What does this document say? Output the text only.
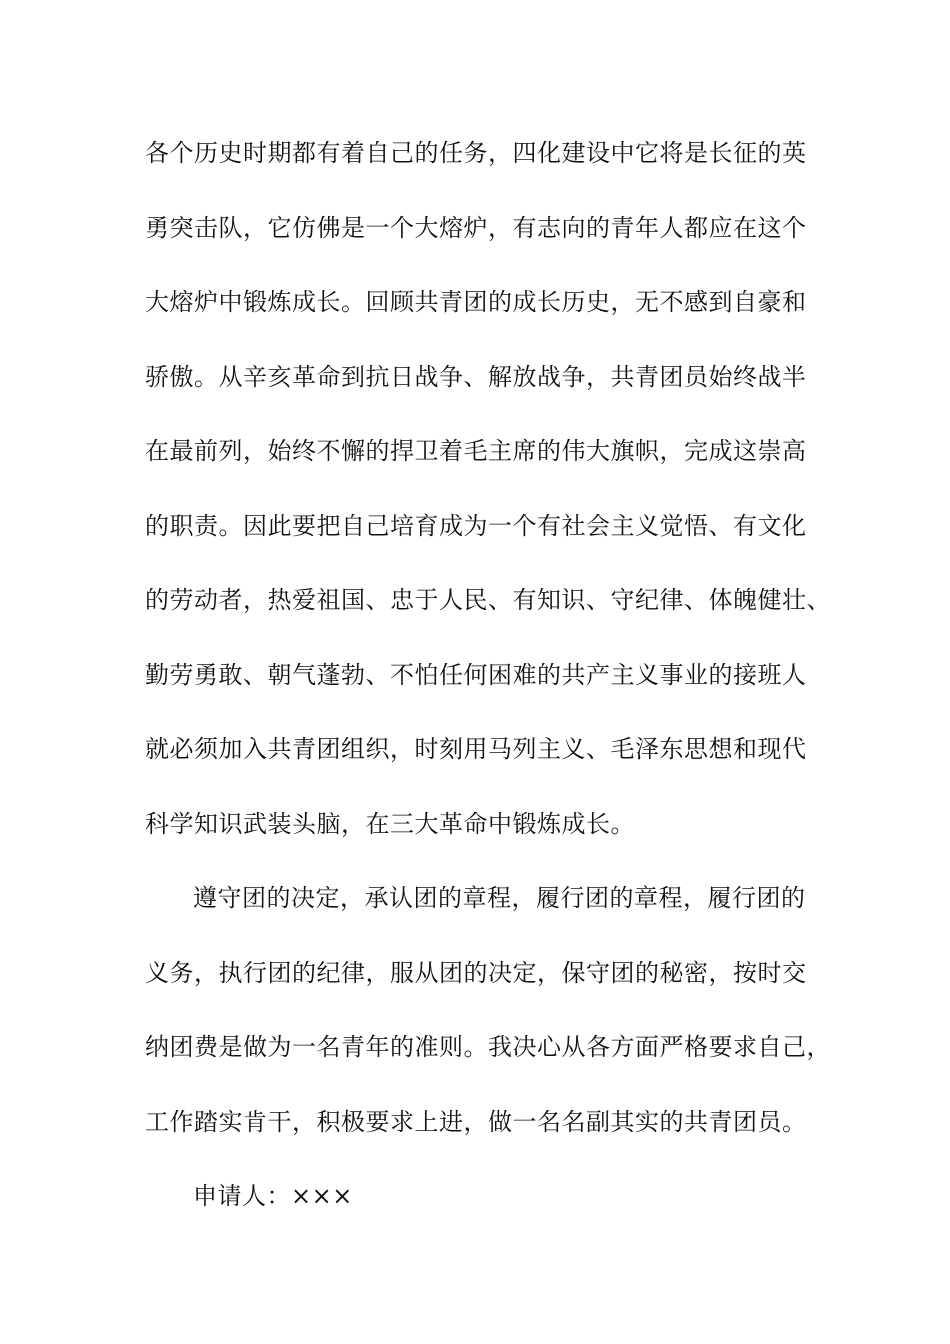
各个历史时期都有着自己的任务，四化建设中它将是长征的英
勇突击队，它仿佛是一个大熔炉，有志向的青年人都应在这个
大熔炉中锻炼成长。回顾共青团的成长历史，无不感到自豪和
骄傲。从辛亥革命到抗日战争、解放战争，共青团员始终战半
在最前列，始终不懈的捍卫着毛主席的伟大旗帜，完成这崇高
的职责。因此要把自己培育成为一个有社会主义觉悟、有文化
的劳动者，热爱祖国、忠于人民、有知识、守纪律、体魄健壮、
勤劳勇敢、朝气蓬勃、不怕任何困难的共产主义事业的接班人
就必须加入共青团组织，时刻用马列主义、毛泽东思想和现代
科学知识武装头脑，在三大革命中锻炼成长。
遵守团的决定，承认团的章程，履行团的章程，履行团的
义务，执行团的纪律，服从团的决定，保守团的秘密，按时交
纳团费是做为一名青年的准则。我决心从各方面严格要求自己，
工作踏实肯干，积极要求上进，做一名名副其实的共青团员。
申请人：×××
